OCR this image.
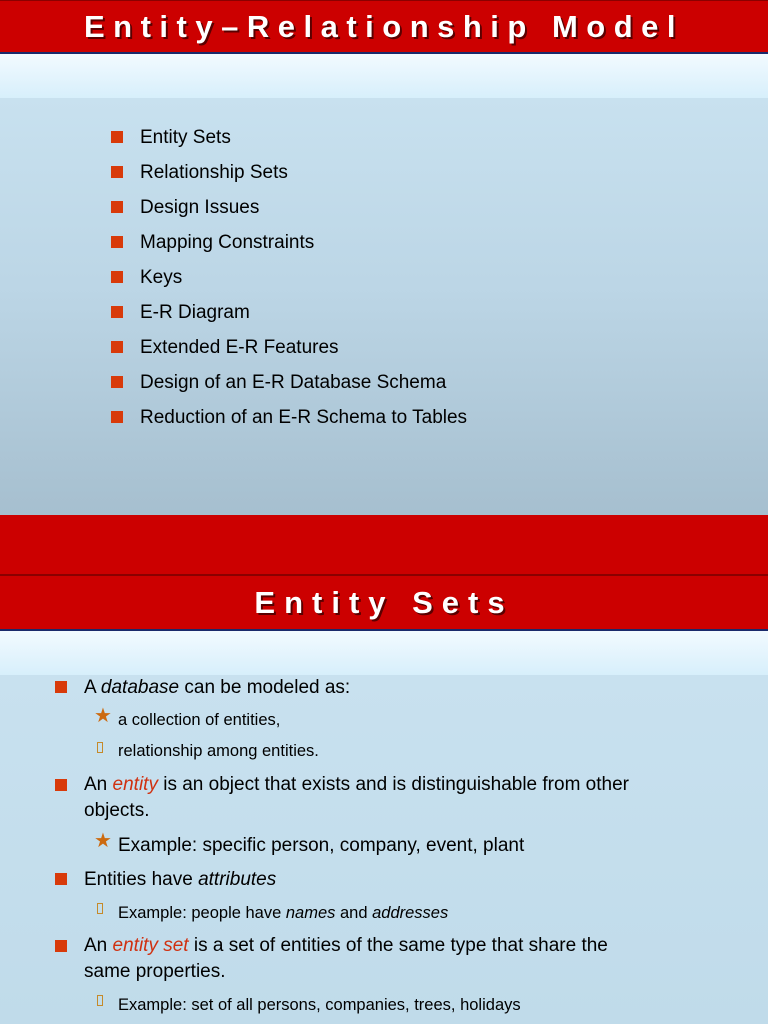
Entity–Relationship Model
Entity Sets
Relationship Sets
Design Issues
Mapping Constraints
Keys
E-R Diagram
Extended E-R Features
Design of an E-R Database Schema
Reduction of an E-R Schema to Tables
Entity Sets
A database can be modeled as:
★ a collection of entities,
relationship among entities.
An entity is an object that exists and is distinguishable from other
objects.
★ Example: specific person, company, event, plant
Entities have attributes
Example: people have names and addresses
An entity set is a set of entities of the same type that share the
same properties.
Example: set of all persons, companies, trees, holidays
